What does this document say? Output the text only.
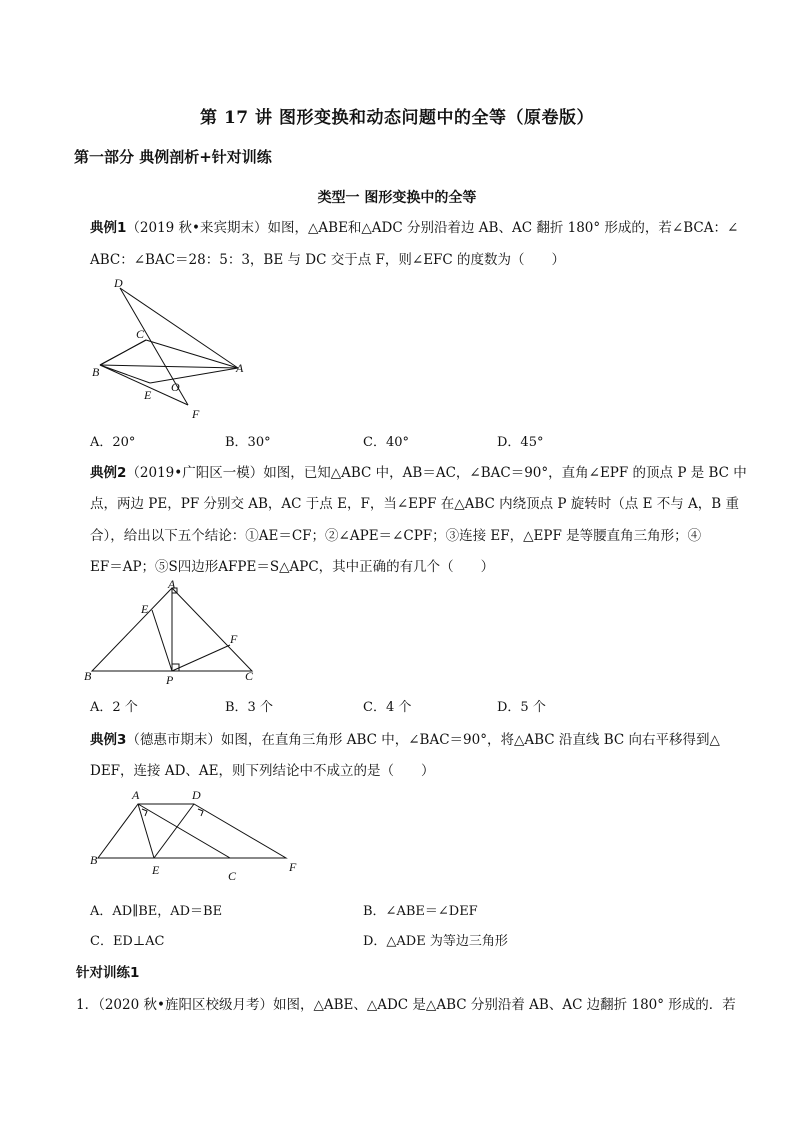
第 17 讲 图形变换和动态问题中的全等（原卷版）
第一部分 典例剖析+针对训练
类型一 图形变换中的全等
典例1（2019 秋•来宾期末）如图，△ABE和△ADC 分别沿着边 AB、AC 翻折 180° 形成的，若∠BCA：∠
ABC：∠BAC＝28：5：3，BE 与 DC 交于点 F，则∠EFC 的度数为（　　）
D
C
B	A
E
O
F
A．20°	B．30°	C．40°	D．45°
典例2（2019•广阳区一模）如图，已知△ABC 中，AB＝AC，∠BAC＝90°，直角∠EPF 的顶点 P 是 BC 中
点，两边 PE，PF 分别交 AB，AC 于点 E，F，当∠EPF 在△ABC 内绕顶点 P 旋转时（点 E 不与 A，B 重
合），给出以下五个结论：①AE＝CF；②∠APE＝∠CPF；③连接 EF，△EPF 是等腰直角三角形；④
EF＝AP；⑤S四边形AFPE＝S△APC，其中正确的有几个（　　）
A
E
F
B	P	C
A．2 个	B．3 个	C．4 个	D．5 个
典例3（德惠市期末）如图，在直角三角形 ABC 中，∠BAC＝90°，将△ABC 沿直线 BC 向右平移得到△
DEF，连接 AD、AE，则下列结论中不成立的是（　　）
A	D
B
E	C
F
A．AD∥BE，AD＝BE	B．∠ABE＝∠DEF
C．ED⊥AC	D．△ADE 为等边三角形
针对训练1
1．（2020 秋•旌阳区校级月考）如图，△ABE、△ADC 是△ABC 分别沿着 AB、AC 边翻折 180° 形成的．若
